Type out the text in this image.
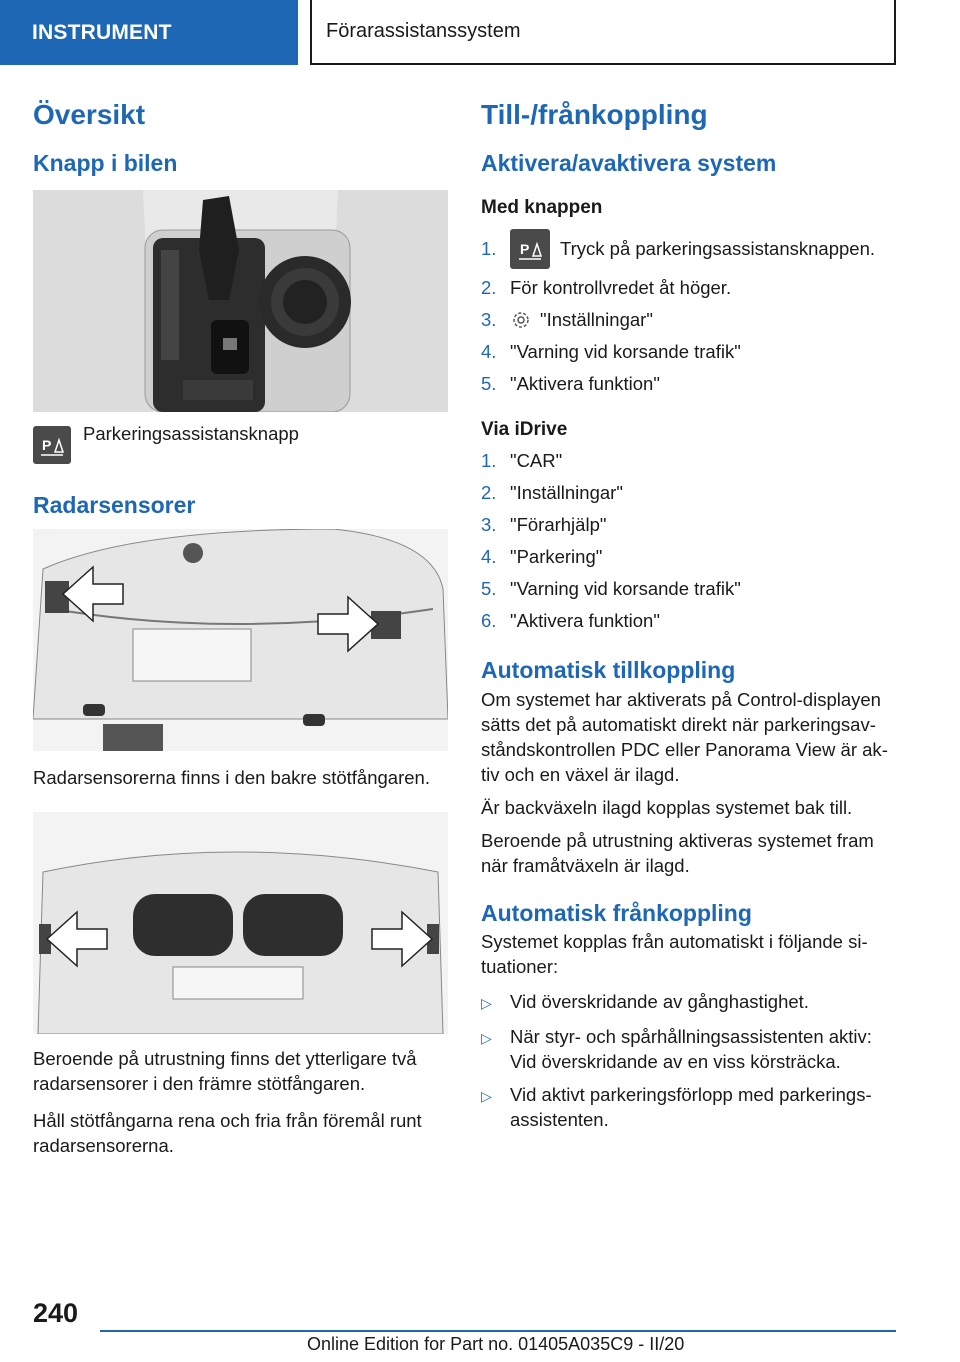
INSTRUMENT	Förarassistanssystem
Översikt
Knapp i bilen
P

Parkeringsassistansknapp

Radarsensorer

Radarsensorerna finns i den bakre stötfångaren.

Beroende på utrustning finns det ytterligare två radarsensorer i den främre stötfångaren.

Håll stötfångarna rena och fria från föremål runt radarsensorerna.

Till-/frånkoppling
Aktivera/avaktivera system
Med knappen
1.	P Tryck på parkeringsassistansknappen.
2. För kontrollvredet åt höger.
3.	"Inställningar"
4. "Varning vid korsande trafik"
5. "Aktivera funktion"
Via iDrive
1. "CAR"
2. "Inställningar"
3. "Förarhjälp"
4. "Parkering"
5. "Varning vid korsande trafik"
6. "Aktivera funktion"
Automatisk tillkoppling

Om systemet har aktiverats på Control-displayen sätts det på automatiskt direkt när parkeringsavståndskontrollen PDC eller Panorama View är aktiv och en växel är ilagd.

Är backväxeln ilagd kopplas systemet bak till.

Beroende på utrustning aktiveras systemet fram när framåtväxeln är ilagd.

Automatisk frånkoppling

Systemet kopplas från automatiskt i följande situationer:

▷ Vid överskridande av gånghastighet.
▷ När styr- och spårhållningsassistenten aktiv: Vid överskridande av en viss körsträcka.
▷ Vid aktivt parkeringsförlopp med parkeringsassistenten.
240
Online Edition for Part no. 01405A035C9 - II/20
